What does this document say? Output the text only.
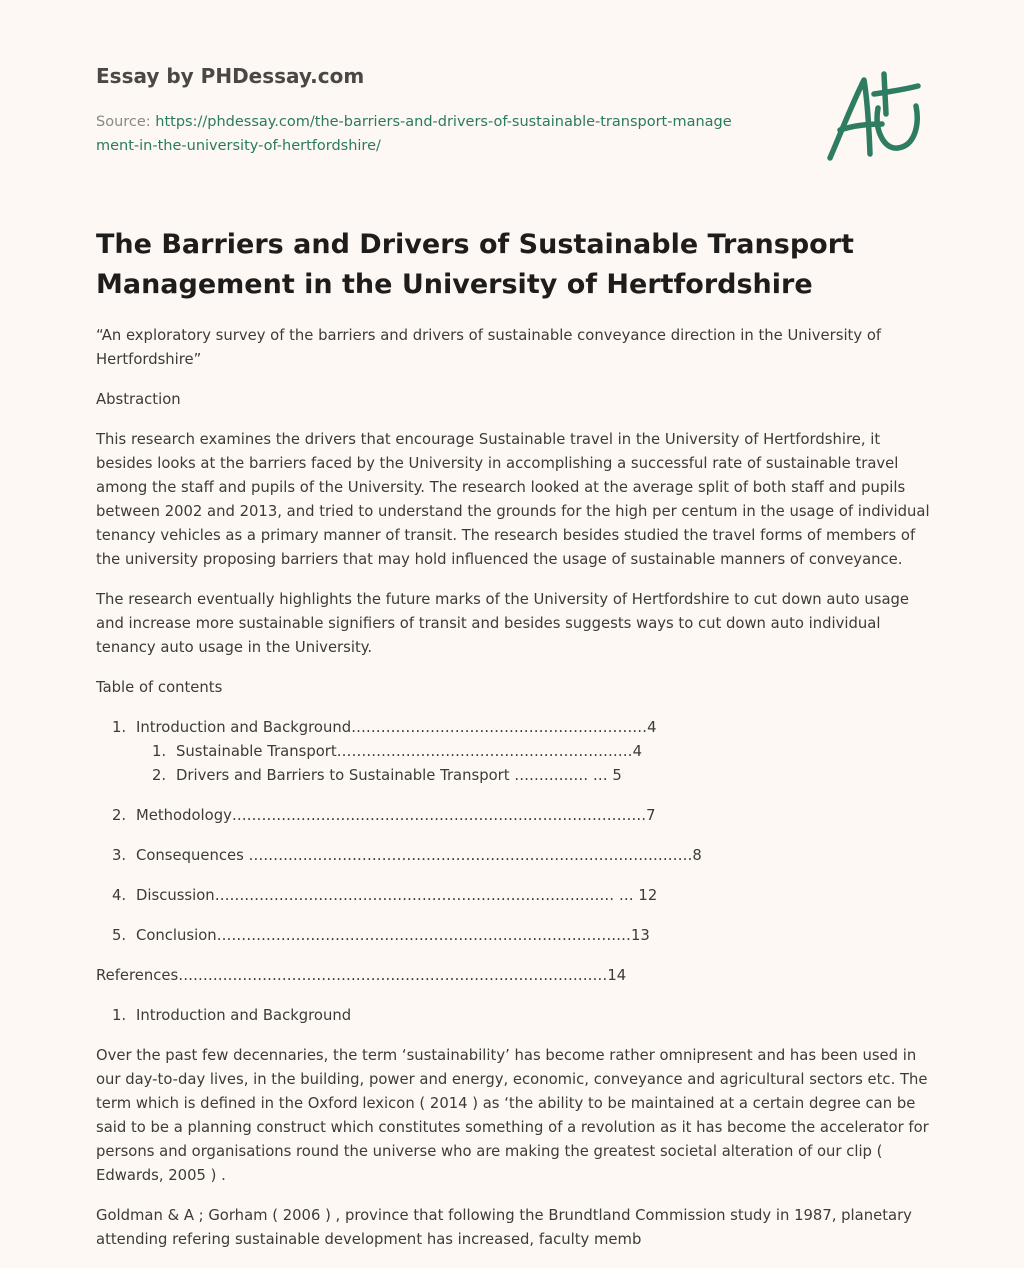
Essay by PHDessay.com
Source: https://phdessay.com/the-barriers-and-drivers-of-sustainable-transport-management-in-the-university-of-hertfordshire/
The Barriers and Drivers of Sustainable Transport Management in the University of Hertfordshire

“An exploratory survey of the barriers and drivers of sustainable conveyance direction in the University of Hertfordshire”

Abstraction

This research examines the drivers that encourage Sustainable travel in the University of Hertfordshire, it besides looks at the barriers faced by the University in accomplishing a successful rate of sustainable travel among the staff and pupils of the University. The research looked at the average split of both staff and pupils between 2002 and 2013, and tried to understand the grounds for the high per centum in the usage of individual tenancy vehicles as a primary manner of transit. The research besides studied the travel forms of members of the university proposing barriers that may hold influenced the usage of sustainable manners of conveyance.

The research eventually highlights the future marks of the University of Hertfordshire to cut down auto usage and increase more sustainable signifiers of transit and besides suggests ways to cut down auto individual tenancy auto usage in the University.

Table of contents

1. Introduction and Background……………………………………………………4
1. Sustainable Transport……………………………………………………4
2. Drivers and Barriers to Sustainable Transport …………… … 5
2. Methodology…………………………………………………………………………7
3. Consequences ………………………………………………………………………………8
4. Discussion……………………………………………………………………… … 12
5. Conclusion…………………………………………………………………………13

References……………………………………………………………………………14

1. Introduction and Background

Over the past few decennaries, the term ‘sustainability’ has become rather omnipresent and has been used in our day-to-day lives, in the building, power and energy, economic, conveyance and agricultural sectors etc. The term which is defined in the Oxford lexicon ( 2014 ) as ‘the ability to be maintained at a certain degree can be said to be a planning construct which constitutes something of a revolution as it has become the accelerator for persons and organisations round the universe who are making the greatest societal alteration of our clip ( Edwards, 2005 ) .

Goldman & A ; Gorham ( 2006 ) , province that following the Brundtland Commission study in 1987, planetary attending refering sustainable development has increased, faculty memb
